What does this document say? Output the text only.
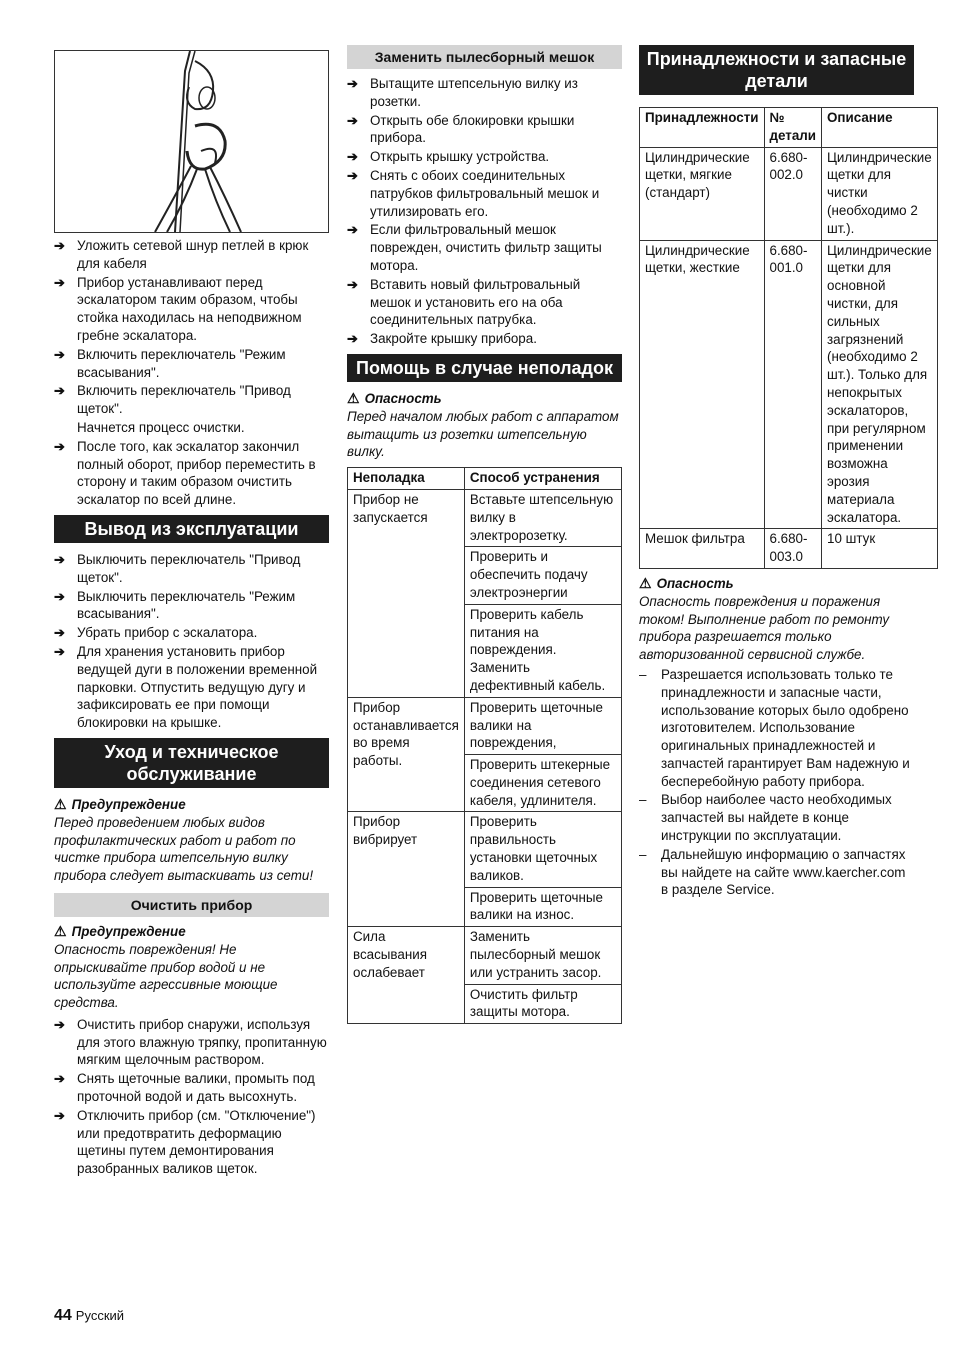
➔ Уложить сетевой шнур петлей в крюк для кабеля
➔ Прибор устанавливают перед эскалатором таким образом, чтобы стойка находилась на неподвижном гребне эскалатора.
➔ Включить переключатель "Режим всасывания".
➔ Включить переключатель "Привод щеток".
Начнется процесс очистки.
➔ После того, как эскалатор закончил полный оборот, прибор переместить в сторону и таким образом очистить эскалатор по всей длине.
Вывод из эксплуатации
➔ Выключить переключатель "Привод щеток".
➔ Выключить переключатель "Режим всасывания".
➔ Убрать прибор с эскалатора.
➔ Для хранения установить прибор ведущей дуги в положении временной парковки. Отпустить ведущую дугу и зафиксировать ее при помощи блокировки на крышке.
Уход и техническое обслуживание
⚠ Предупреждение
Перед проведением любых видов профилактических работ и работ по чистке прибора штепсельную вилку прибора следует вытаскивать из сети!
Очистить прибор
⚠ Предупреждение
Опасность повреждения! Не опрыскивайте прибор водой и не используйте агрессивные моющие средства.
➔ Очистить прибор снаружи, используя для этого влажную тряпку, пропитанную мягким щелочным раствором.
➔ Снять щеточные валики, промыть под проточной водой и дать высохнуть.
➔ Отключить прибор (см. "Отключение") или предотвратить деформацию щетины путем демонтирования разобранных валиков щеток.
Заменить пылесборный мешок
➔ Вытащите штепсельную вилку из розетки.
➔ Открыть обе блокировки крышки прибора.
➔ Открыть крышку устройства.
➔ Снять с обоих соединительных патрубков фильтровальный мешок и утилизировать его.
➔ Если фильтровальный мешок поврежден, очистить фильтр защиты мотора.
➔ Вставить новый фильтровальный мешок и установить его на оба соединительных патрубка.
➔ Закройте крышку прибора.
Помощь в случае неполадок
⚠ Опасность
Перед началом любых работ с аппаратом вытащить из розетки штепсельную вилку.
Неполадка	Способ устранения
Прибор не запускается	Вставьте штепсельную вилку в электророзетку.
	Проверить и обеспечить подачу электроэнергии
	Проверить кабель питания на повреждения. Заменить дефективный кабель.
Прибор останавливается во время работы.	Проверить щеточные валики на повреждения,
	Проверить штекерные соединения сетевого кабеля, удлинителя.
Прибор вибрирует	Проверить правильность установки щеточных валиков.
	Проверить щеточные валики на износ.
Сила всасывания ослабевает	Заменить пылесборный мешок или устранить засор.
	Очистить фильтр защиты мотора.
Принадлежности и запасные детали
Принадлежности	№ детали	Описание
Цилиндрические щетки, мягкие (стандарт)	6.680-002.0	Цилиндрические щетки для чистки (необходимо 2 шт.).
Цилиндрические щетки, жесткие	6.680-001.0	Цилиндрические щетки для основной чистки, для сильных загрязнений (необходимо 2 шт.). Только для непокрытых эскалаторов, при регулярном применении возможна эрозия материала эскалатора.
Мешок фильтра	6.680-003.0	10 штук
⚠ Опасность
Опасность повреждения и поражения током! Выполнение работ по ремонту прибора разрешается только авторизованной сервисной службе.
– Разрешается использовать только те принадлежности и запасные части, использование которых было одобрено изготовителем. Использование оригинальных принадлежностей и запчастей гарантирует Вам надежную и бесперебойную работу прибора.
– Выбор наиболее часто необходимых запчастей вы найдете в конце инструкции по эксплуатации.
– Дальнейшую информацию о запчастях вы найдете на сайте www.kaercher.com в разделе Service.
44 Русский
